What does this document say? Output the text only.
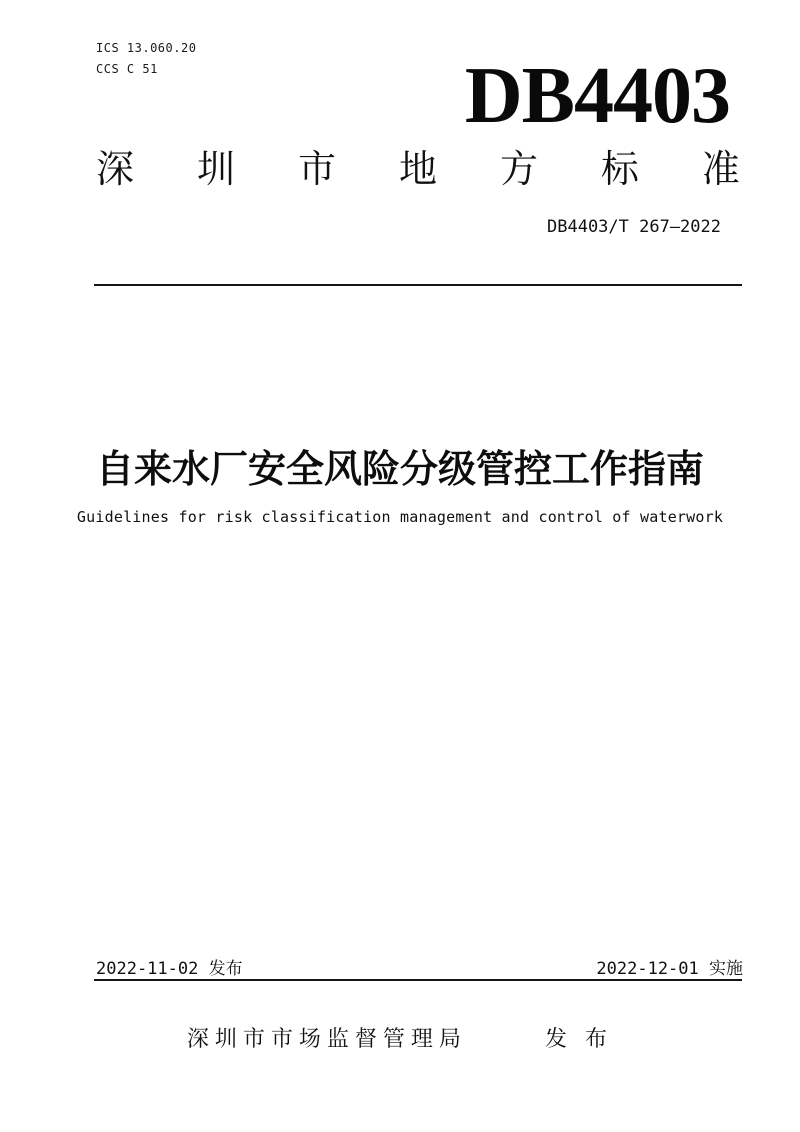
ICS 13.060.20
CCS C 51	DB4403
深 圳 市 地 方 标 准
DB4403/T 267—2022
自来水厂安全风险分级管控工作指南
Guidelines for risk classification management and control of waterwork
2022-11-02 发布	2022-12-01 实施
深圳市市场监督管理局	发 布
